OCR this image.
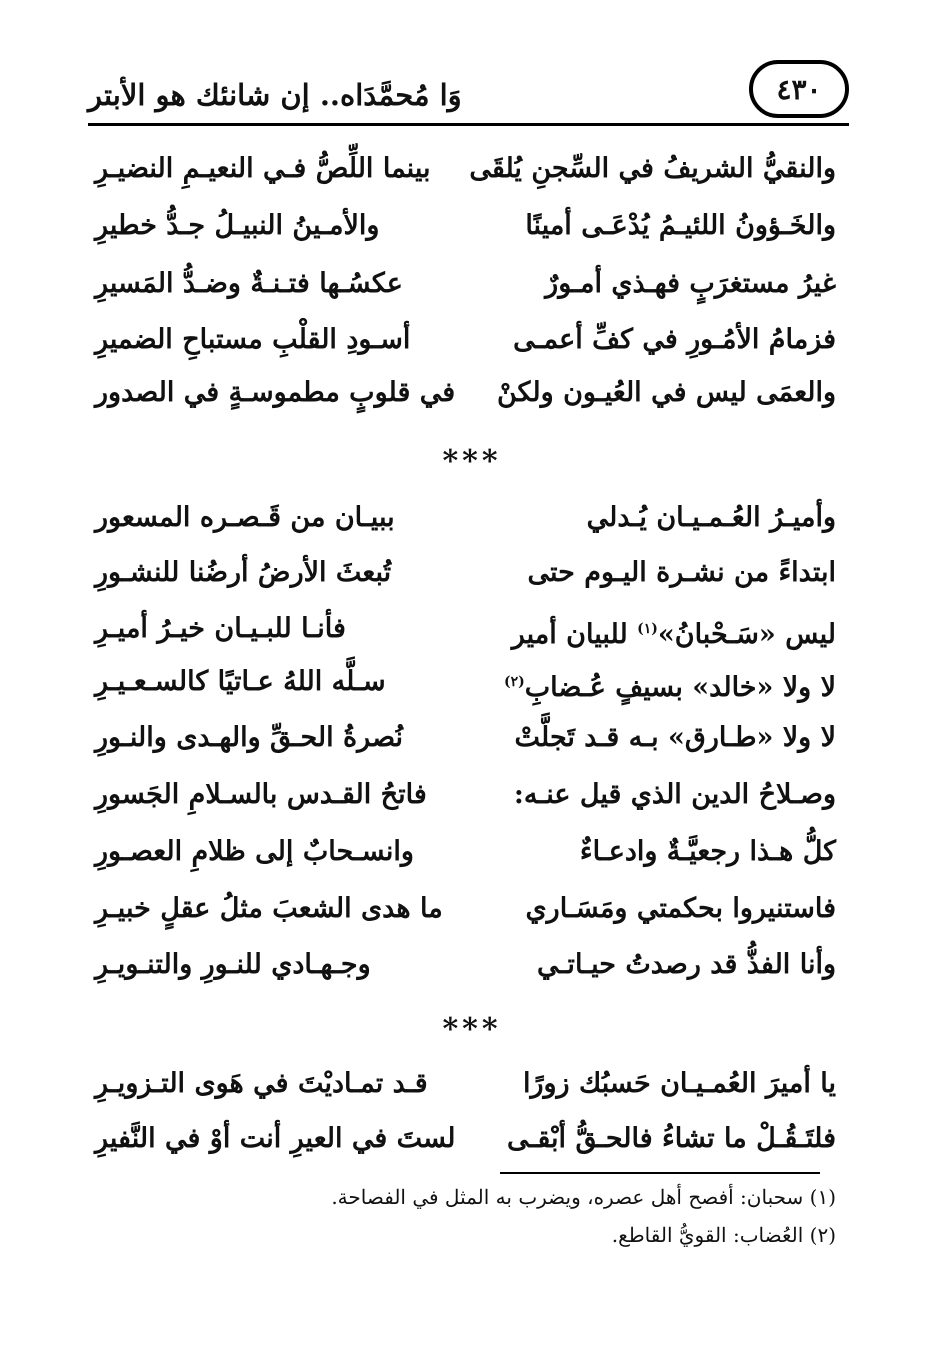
وَا مُحمَّدَاه.. إن شانئك هو الأبتر	٤٣٠
والنقيُّ الشريفُ في السِّجنِ يُلقَى
بينما اللِّصُّ فـي النعيـمِ النضيـرِ
والخَـؤونُ اللئيـمُ يُدْعَـى أمينًا
والأمـينُ النبيـلُ جـدُّ خطيرِ
غيرُ مستغرَبٍ فهـذي أمـورٌ
عكسُـها فتـنـةٌ وضـدُّ المَسيرِ
فزمامُ الأمُـورِ في كفِّ أعمـى
أسـودِ القلْبِ مستباحِ الضميرِ
والعمَى ليس في العُيـون ولكنْ
في قلوبٍ مطموسـةٍ في الصدور
***
وأميـرُ العُـمـيـان يُـدلي
ببيـان من قَـصـره المسعور
ابتداءً من نشـرة اليـوم حتى
تُبعثَ الأرضُ أرضُنا للنشـورِ
ليس «سَـحْبانُ»$^{(١)}$ للبيان أمير
فأنـا للبـيـان خيـرُ أميـرِ
لا ولا «خالد» بسيفٍ عُـضابِ$^{(٢)}$
سـلَّه اللهُ عـاتيًا كالسـعـيـرِ
لا ولا «طـارق» بـه قـد تَجلَّتْ
نُصرةُ الحـقِّ والهـدى والنـورِ
وصـلاحُ الدين الذي قيل عنـه:
فاتحُ القـدس بالسـلامِ الجَسورِ
كلُّ هـذا رجعيَّـةٌ وادعـاءٌ
وانسـحابٌ إلى ظلامِ العصـورِ
فاستنيروا بحكمتي ومَسَـاري
ما هدى الشعبَ مثلُ عقلٍ خبيـرِ
وأنا الفذُّ قد رصدتُ حيـاتـي
وجـهـادي للنـورِ والتنـويـرِ
***
يا أميرَ العُمـيـان حَسبُك زورًا
قـد تمـاديْتَ في هَوى التـزويـرِ
فلتَـقُـلْ ما تشاءُ فالحـقُّ أبْقـى
لستَ في العيرِ أنت أوْ في النَّفيرِ
(١) سحبان: أفصح أهل عصره، ويضرب به المثل في الفصاحة.
(٢) العُضاب: القويُّ القاطع.
